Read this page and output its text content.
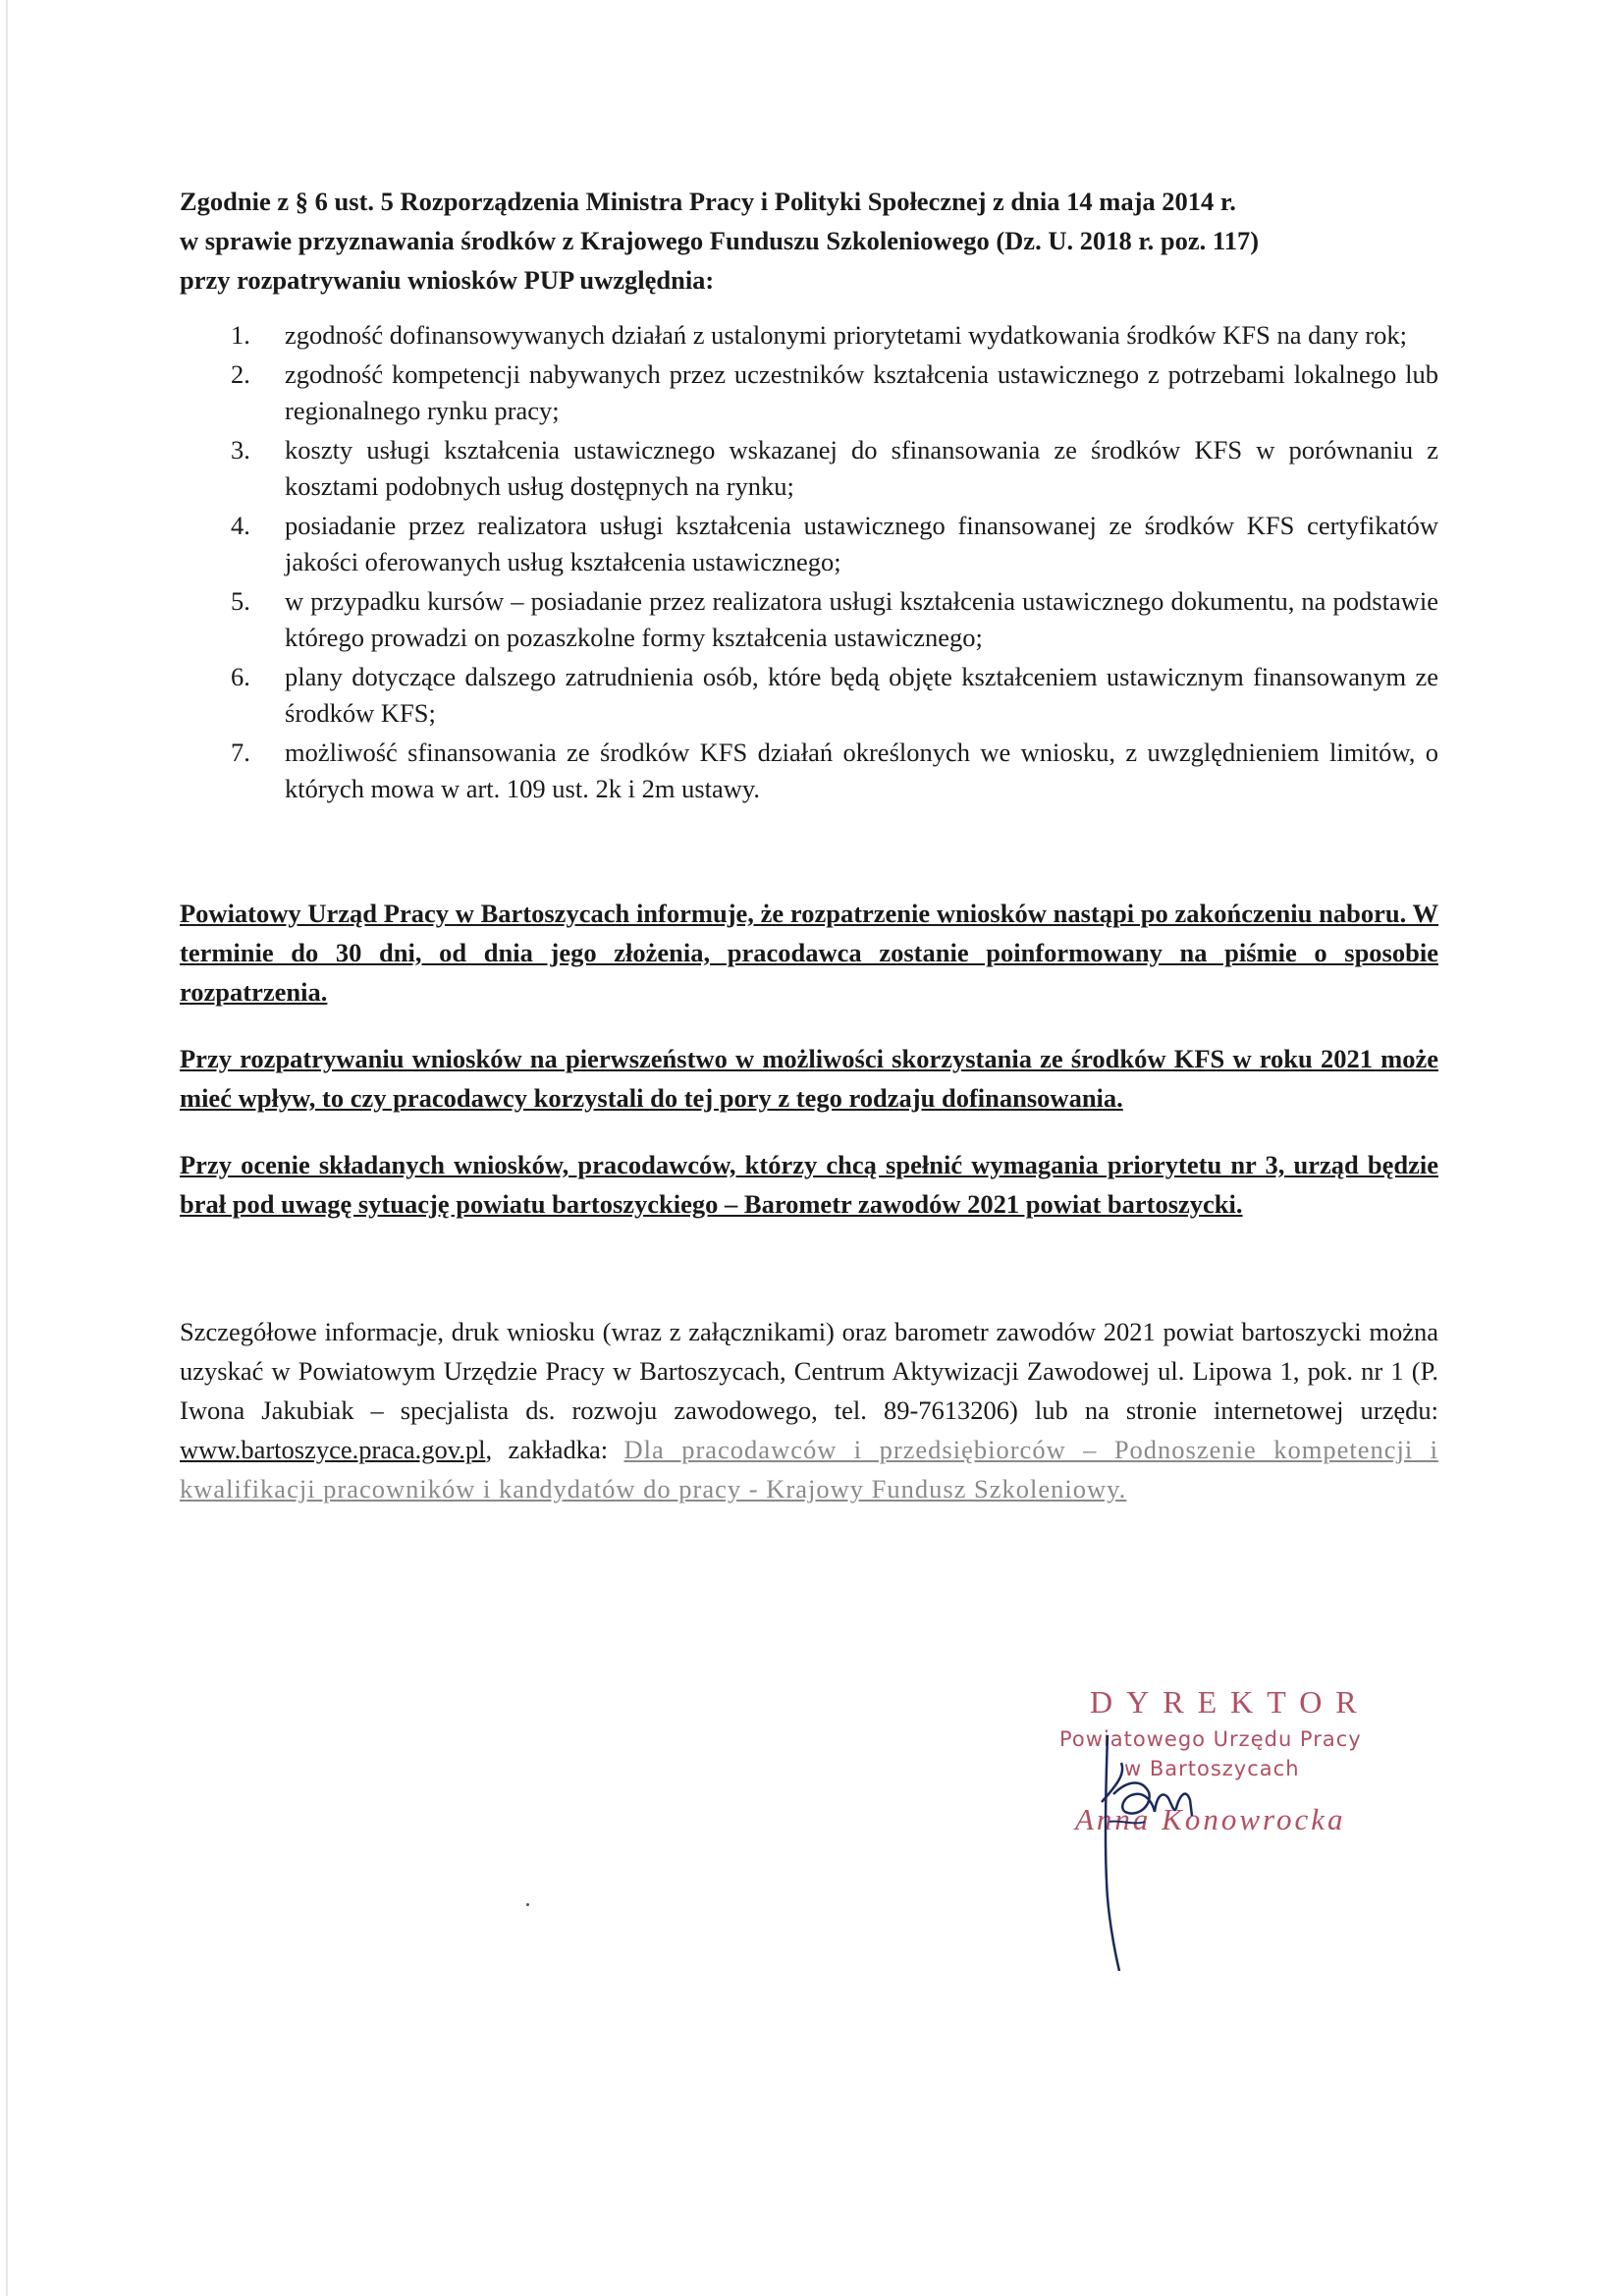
Zgodnie z § 6 ust. 5 Rozporządzenia Ministra Pracy i Polityki Społecznej z dnia 14 maja 2014 r.
w sprawie przyznawania środków z Krajowego Funduszu Szkoleniowego (Dz. U. 2018 r. poz. 117)
przy rozpatrywaniu wniosków PUP uwzględnia:

1. zgodność dofinansowywanych działań z ustalonymi priorytetami wydatkowania środków KFS na dany rok;
2. zgodność kompetencji nabywanych przez uczestników kształcenia ustawicznego z potrzebami lokalnego lub regionalnego rynku pracy;
3. koszty usługi kształcenia ustawicznego wskazanej do sfinansowania ze środków KFS w porównaniu z kosztami podobnych usług dostępnych na rynku;
4. posiadanie przez realizatora usługi kształcenia ustawicznego finansowanej ze środków KFS certyfikatów jakości oferowanych usług kształcenia ustawicznego;
5. w przypadku kursów – posiadanie przez realizatora usługi kształcenia ustawicznego dokumentu, na podstawie którego prowadzi on pozaszkolne formy kształcenia ustawicznego;
6. plany dotyczące dalszego zatrudnienia osób, które będą objęte kształceniem ustawicznym finansowanym ze środków KFS;
7. możliwość sfinansowania ze środków KFS działań określonych we wniosku, z uwzględnieniem limitów, o których mowa w art. 109 ust. 2k i 2m ustawy.

Powiatowy Urząd Pracy w Bartoszycach informuje, że rozpatrzenie wniosków nastąpi po zakończeniu naboru. W terminie do 30 dni, od dnia jego złożenia, pracodawca zostanie poinformowany na piśmie o sposobie rozpatrzenia.

Przy rozpatrywaniu wniosków na pierwszeństwo w możliwości skorzystania ze środków KFS w roku 2021 może mieć wpływ, to czy pracodawcy korzystali do tej pory z tego rodzaju dofinansowania.

Przy ocenie składanych wniosków, pracodawców, którzy chcą spełnić wymagania priorytetu nr 3, urząd będzie brał pod uwagę sytuację powiatu bartoszyckiego – Barometr zawodów 2021 powiat bartoszycki.

Szczegółowe informacje, druk wniosku (wraz z załącznikami) oraz barometr zawodów 2021 powiat bartoszycki można uzyskać w Powiatowym Urzędzie Pracy w Bartoszycach, Centrum Aktywizacji Zawodowej ul. Lipowa 1, pok. nr 1 (P. Iwona Jakubiak – specjalista ds. rozwoju zawodowego, tel. 89-7613206) lub na stronie internetowej urzędu: www.bartoszyce.praca.gov.pl, zakładka: Dla pracodawców i przedsiębiorców – Podnoszenie kompetencji i kwalifikacji pracowników i kandydatów do pracy - Krajowy Fundusz Szkoleniowy.

DYREKTOR
Powiatowego Urzędu Pracy
w Bartoszycach
Anna Konowrocka
